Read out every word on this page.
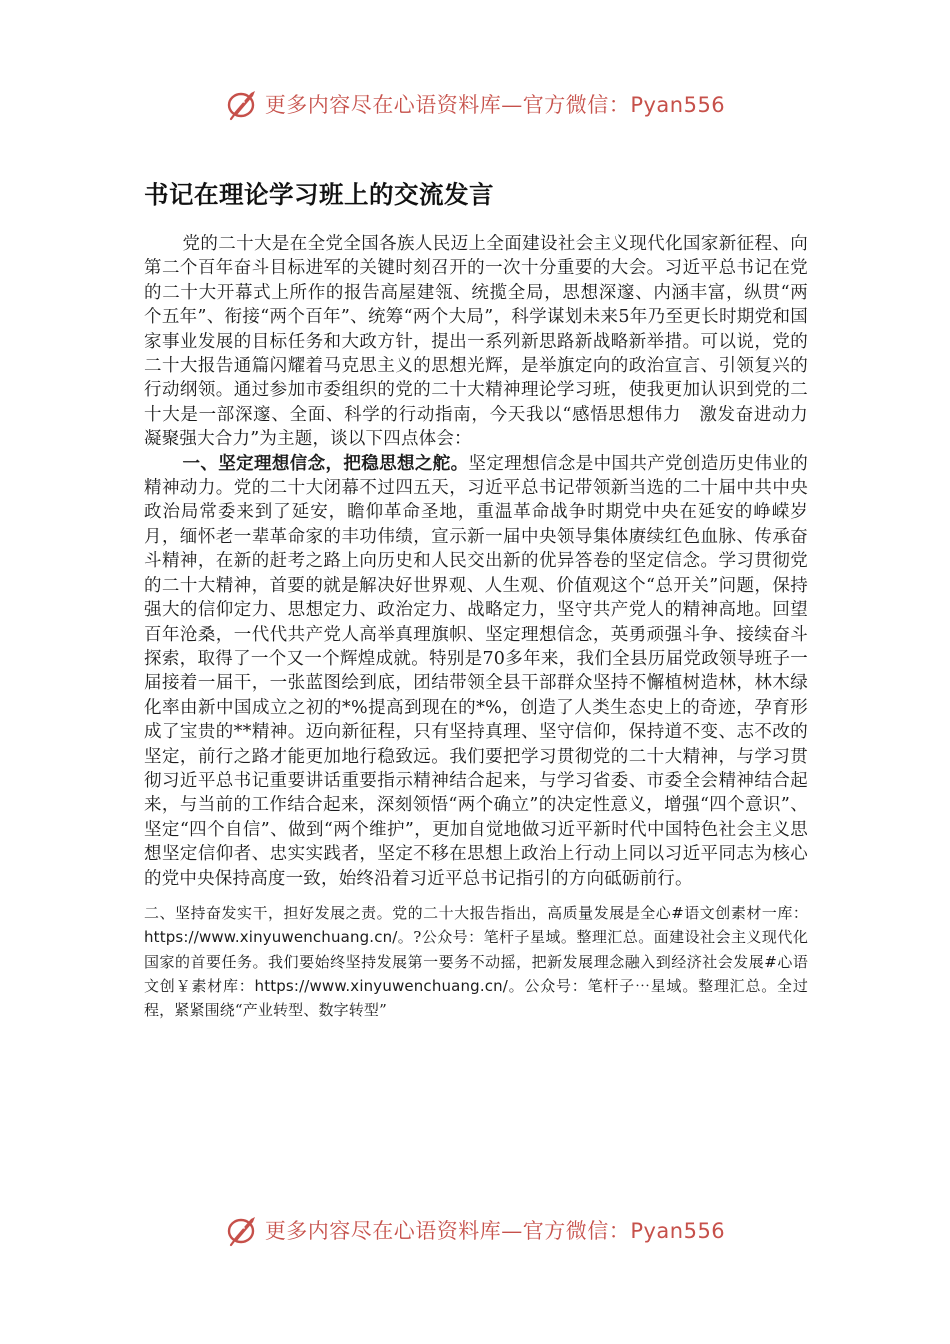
更多内容尽在心语资料库—官方微信：Pyan556
书记在理论学习班上的交流发言

党的二十大是在全党全国各族人民迈上全面建设社会主义现代化国家新征程、向第二个百年奋斗目标进军的关键时刻召开的一次十分重要的大会。习近平总书记在党的二十大开幕式上所作的报告高屋建瓴、统揽全局，思想深邃、内涵丰富，纵贯“两个五年”、衔接“两个百年”、统筹“两个大局”，科学谋划未来5年乃至更长时期党和国家事业发展的目标任务和大政方针，提出一系列新思路新战略新举措。可以说，党的二十大报告通篇闪耀着马克思主义的思想光辉，是举旗定向的政治宣言、引领复兴的行动纲领。通过参加市委组织的党的二十大精神理论学习班，使我更加认识到党的二十大是一部深邃、全面、科学的行动指南，今天我以“感悟思想伟力　激发奋进动力　凝聚强大合力”为主题，谈以下四点体会：

一、坚定理想信念，把稳思想之舵。坚定理想信念是中国共产党创造历史伟业的精神动力。党的二十大闭幕不过四五天，习近平总书记带领新当选的二十届中共中央政治局常委来到了延安，瞻仰革命圣地，重温革命战争时期党中央在延安的峥嵘岁月，缅怀老一辈革命家的丰功伟绩，宣示新一届中央领导集体赓续红色血脉、传承奋斗精神，在新的赶考之路上向历史和人民交出新的优异答卷的坚定信念。学习贯彻党的二十大精神，首要的就是解决好世界观、人生观、价值观这个“总开关”问题，保持强大的信仰定力、思想定力、政治定力、战略定力，坚守共产党人的精神高地。回望百年沧桑，一代代共产党人高举真理旗帜、坚定理想信念，英勇顽强斗争、接续奋斗探索，取得了一个又一个辉煌成就。特别是70多年来，我们全县历届党政领导班子一届接着一届干，一张蓝图绘到底，团结带领全县干部群众坚持不懈植树造林，林木绿化率由新中国成立之初的*%提高到现在的*%，创造了人类生态史上的奇迹，孕育形成了宝贵的**精神。迈向新征程，只有坚持真理、坚守信仰，保持道不变、志不改的坚定，前行之路才能更加地行稳致远。我们要把学习贯彻党的二十大精神，与学习贯彻习近平总书记重要讲话重要指示精神结合起来，与学习省委、市委全会精神结合起来，与当前的工作结合起来，深刻领悟“两个确立”的决定性意义，增强“四个意识”、坚定“四个自信”、做到“两个维护”，更加自觉地做习近平新时代中国特色社会主义思想坚定信仰者、忠实实践者，坚定不移在思想上政治上行动上同以习近平同志为核心的党中央保持高度一致，始终沿着习近平总书记指引的方向砥砺前行。

二、坚持奋发实干，担好发展之责。党的二十大报告指出，高质量发展是全心#语文创素材一库：https://www.xinyuwenchuang.cn/。?公众号：笔杆子星域。整理汇总。面建设社会主义现代化国家的首要任务。我们要始终坚持发展第一要务不动摇，把新发展理念融入到经济社会发展#心语文创￥素材库：https://www.xinyuwenchuang.cn/。公众号：笔杆子⋯星域。整理汇总。全过程，紧紧围绕“产业转型、数字转型”

更多内容尽在心语资料库—官方微信：Pyan556
